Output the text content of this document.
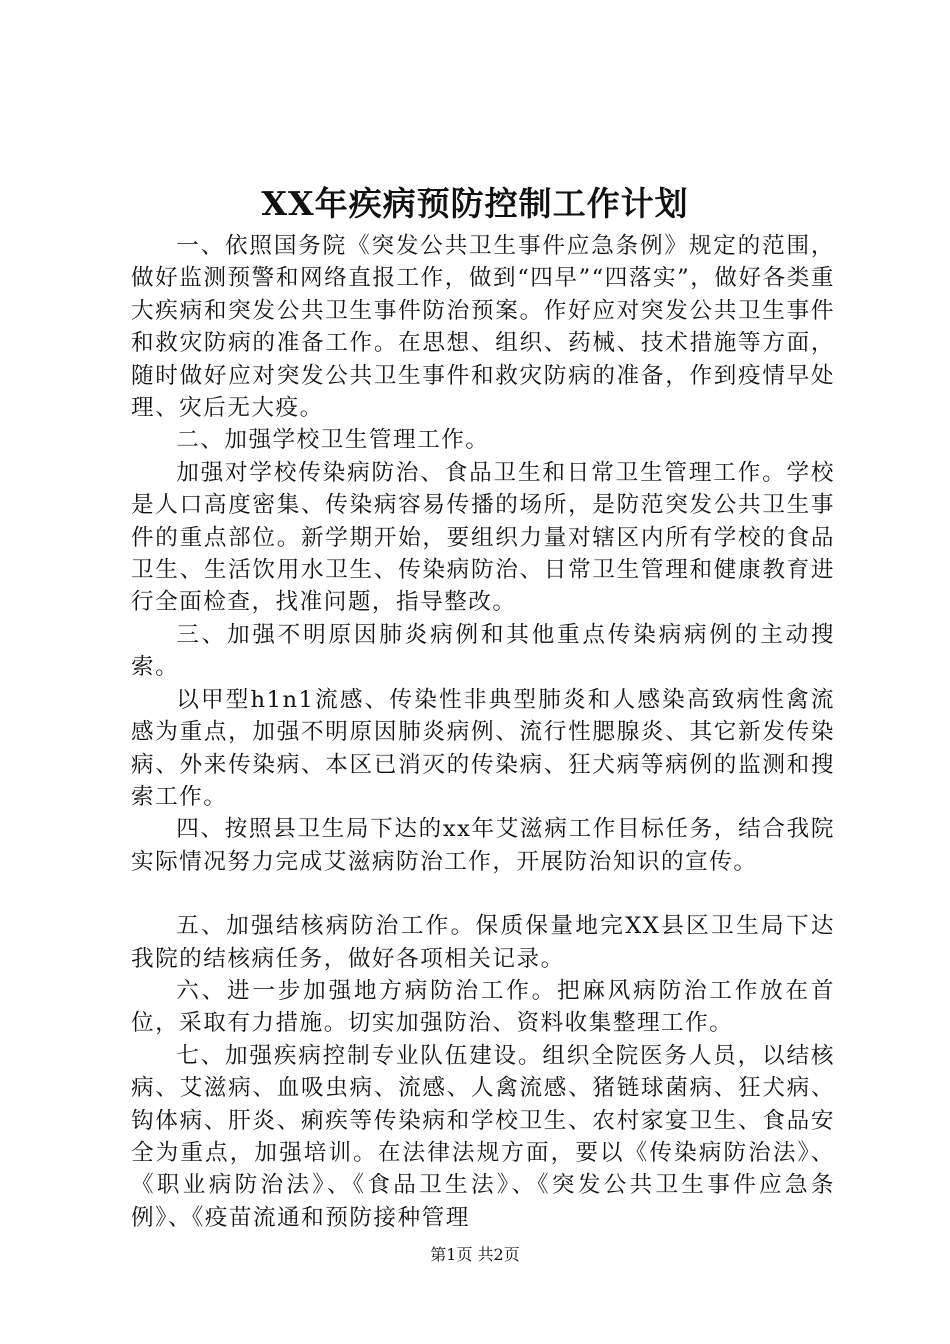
XX年疾病预防控制工作计划

一、依照国务院《突发公共卫生事件应急条例》规定的范围，做好监测预警和网络直报工作，做到“四早”“四落实”，做好各类重大疾病和突发公共卫生事件防治预案。作好应对突发公共卫生事件和救灾防病的准备工作。在思想、组织、药械、技术措施等方面，随时做好应对突发公共卫生事件和救灾防病的准备，作到疫情早处理、灾后无大疫。

二、加强学校卫生管理工作。

加强对学校传染病防治、食品卫生和日常卫生管理工作。学校是人口高度密集、传染病容易传播的场所，是防范突发公共卫生事件的重点部位。新学期开始，要组织力量对辖区内所有学校的食品卫生、生活饮用水卫生、传染病防治、日常卫生管理和健康教育进行全面检查，找准问题，指导整改。

三、加强不明原因肺炎病例和其他重点传染病病例的主动搜索。

以甲型h1n1流感、传染性非典型肺炎和人感染高致病性禽流感为重点，加强不明原因肺炎病例、流行性腮腺炎、其它新发传染病、外来传染病、本区已消灭的传染病、狂犬病等病例的监测和搜索工作。

四、按照县卫生局下达的xx年艾滋病工作目标任务，结合我院实际情况努力完成艾滋病防治工作，开展防治知识的宣传。

五、加强结核病防治工作。保质保量地完XX县区卫生局下达我院的结核病任务，做好各项相关记录。

六、进一步加强地方病防治工作。把麻风病防治工作放在首位，采取有力措施。切实加强防治、资料收集整理工作。

七、加强疾病控制专业队伍建设。组织全院医务人员，以结核病、艾滋病、血吸虫病、流感、人禽流感、猪链球菌病、狂犬病、钩体病、肝炎、痢疾等传染病和学校卫生、农村家宴卫生、食品安全为重点，加强培训。在法律法规方面，要以《传染病防治法》、《职业病防治法》、《食品卫生法》、《突发公共卫生事件应急条例》、《疫苗流通和预防接种管理

第1页 共2页
